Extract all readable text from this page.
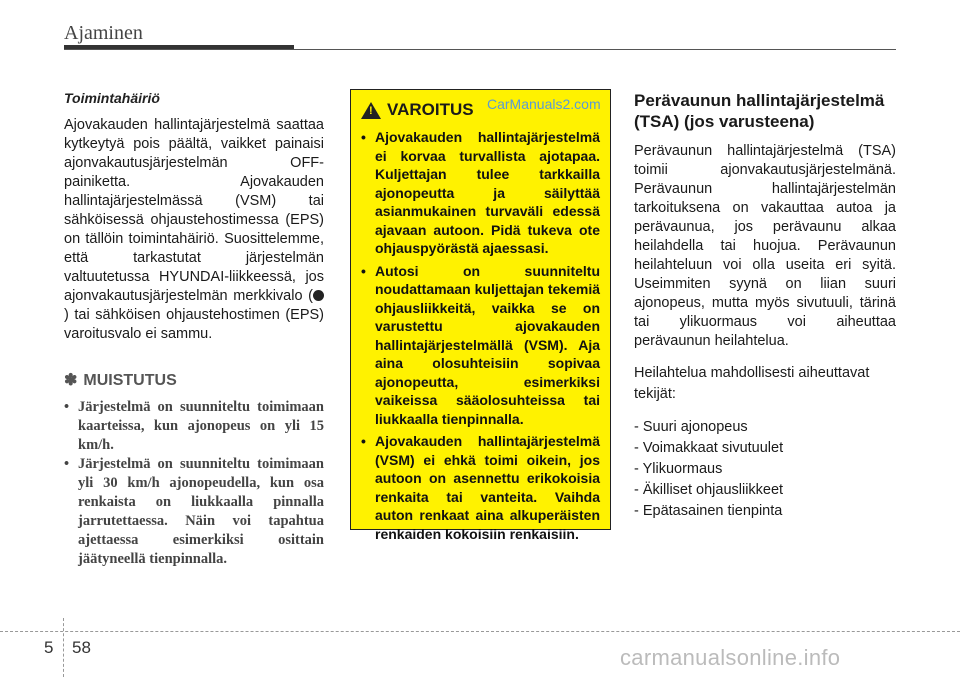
Ajaminen

Toimintahäiriö

Ajovakauden hallintajärjestelmä saattaa kytkeytyä pois päältä, vaikket painaisi ajonvakautusjärjestelmän OFF-painiketta. Ajovakauden hallintajärjestelmässä (VSM) tai sähköisessä ohjaustehostimessa (EPS) on tällöin toimintahäiriö. Suosittelemme, että tarkastutat järjestelmän valtuutetussa HYUNDAI-liikkeessä, jos ajonvakautusjärjestelmän merkkivalo () tai sähköisen ohjaustehostimen (EPS) varoitusvalo ei sammu.

✽ MUISTUTUS
• Järjestelmä on suunniteltu toimimaan kaarteissa, kun ajonopeus on yli 15 km/h.
• Järjestelmä on suunniteltu toimimaan yli 30 km/h ajonopeudella, kun osa renkaista on liukkaalla pinnalla jarrutettaessa. Näin voi tapahtua ajettaessa esimerkiksi osittain jäätyneellä tienpinnalla.
! VAROITUS CarManuals2.com
• Ajovakauden hallintajärjestelmä ei korvaa turvallista ajotapaa. Kuljettajan tulee tarkkailla ajonopeutta ja säilyttää asianmukainen turvaväli edessä ajavaan autoon. Pidä tukeva ote ohjauspyörästä ajaessasi.
• Autosi on suunniteltu noudattamaan kuljettajan tekemiä ohjausliikkeitä, vaikka se on varustettu ajovakauden hallintajärjestelmällä (VSM). Aja aina olosuhteisiin sopivaa ajonopeutta, esimerkiksi vaikeissa sääolosuhteissa tai liukkaalla tienpinnalla.
• Ajovakauden hallintajärjestelmä (VSM) ei ehkä toimi oikein, jos autoon on asennettu erikokoisia renkaita tai vanteita. Vaihda auton renkaat aina alkuperäisten renkaiden kokoisiin renkaisiin.
Perävaunun hallintajärjestelmä (TSA) (jos varusteena)

Perävaunun hallintajärjestelmä (TSA) toimii ajonvakautusjärjestelmänä. Perävaunun hallintajärjestelmän tarkoituksena on vakauttaa autoa ja perävaunua, jos perävaunu alkaa heilahdella tai huojua. Perävaunun heilahteluun voi olla useita eri syitä. Useimmiten syynä on liian suuri ajonopeus, mutta myös sivutuuli, tärinä tai ylikuormaus voi aiheuttaa perävaunun heilahtelua.

Heilahtelua mahdollisesti aiheuttavat tekijät:

- Suuri ajonopeus
- Voimakkaat sivutuulet
- Ylikuormaus
- Äkilliset ohjausliikkeet
- Epätasainen tienpinta
5 58	carmanualsonline.info
